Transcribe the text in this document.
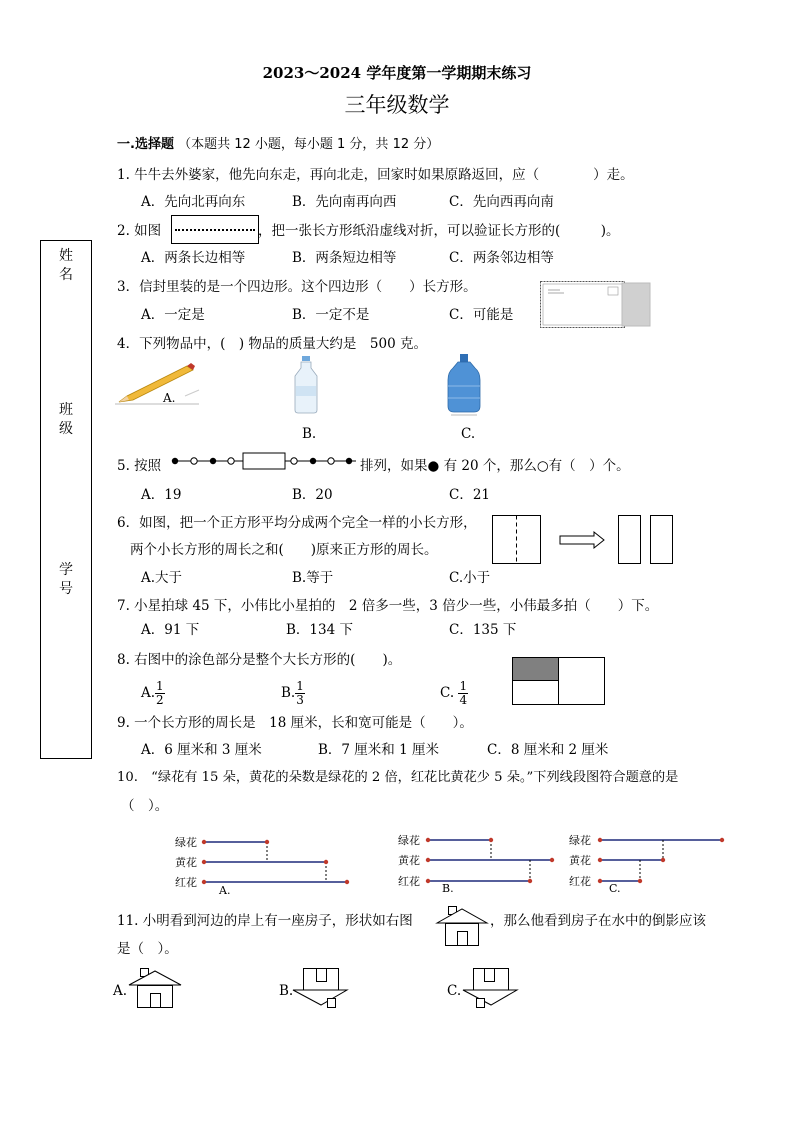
2023～2024 学年度第一学期期末练习
三年级数学
姓名
班级
学号
一.选择题 （本题共 12 小题，每小题 1 分，共 12 分）
1. 牛牛去外婆家，他先向东走，再向北走，回家时如果原路返回，应（　　　　）走。
A．先向北再向东	B．先向南再向西	C．先向西再向南
2. 如图	，把一张长方形纸沿虚线对折，可以验证长方形的(　　　)。
A．两条长边相等	B．两条短边相等	C．两条邻边相等
3．信封里装的是一个四边形。这个四边形（　　）长方形。
A．一定是	B．一定不是	C．可能是
4．下列物品中，(　) 物品的质量大约是　500 克。
A.
B.	C.
5. 按照	排列，如果● 有 20 个，那么○有（　）个。
A．19	B．20	C．21
6．如图，把一个正方形平均分成两个完全一样的小长方形，
两个小长方形的周长之和(　　)原来正方形的周长。
A.大于	B.等于	C.小于
7. 小星拍球 45 下，小伟比小星拍的　2 倍多一些，3 倍少一些，小伟最多拍（　　）下。
A．91 下	B．134 下	C．135 下
8. 右图中的涂色部分是整个大长方形的(　　)。
A. $\frac{1}{2}$	B. $\frac{1}{3}$	C. $\frac{1}{4}$
9. 一个长方形的周长是　18 厘米，长和宽可能是（　　）。
A．6 厘米和 3 厘米	B．7 厘米和 1 厘米	C．8 厘米和 2 厘米
10.　“绿花有 15 朵，黄花的朵数是绿花的 2 倍，红花比黄花少 5 朵。”下列线段图符合题意的是
（　）。
绿花
黄花
红花
A.
绿花
黄花
红花
B.
绿花
黄花
红花
C.
11. 小明看到河边的岸上有一座房子，形状如右图	，那么他看到房子在水中的倒影应该
是（　）。
A.	B.	C.
